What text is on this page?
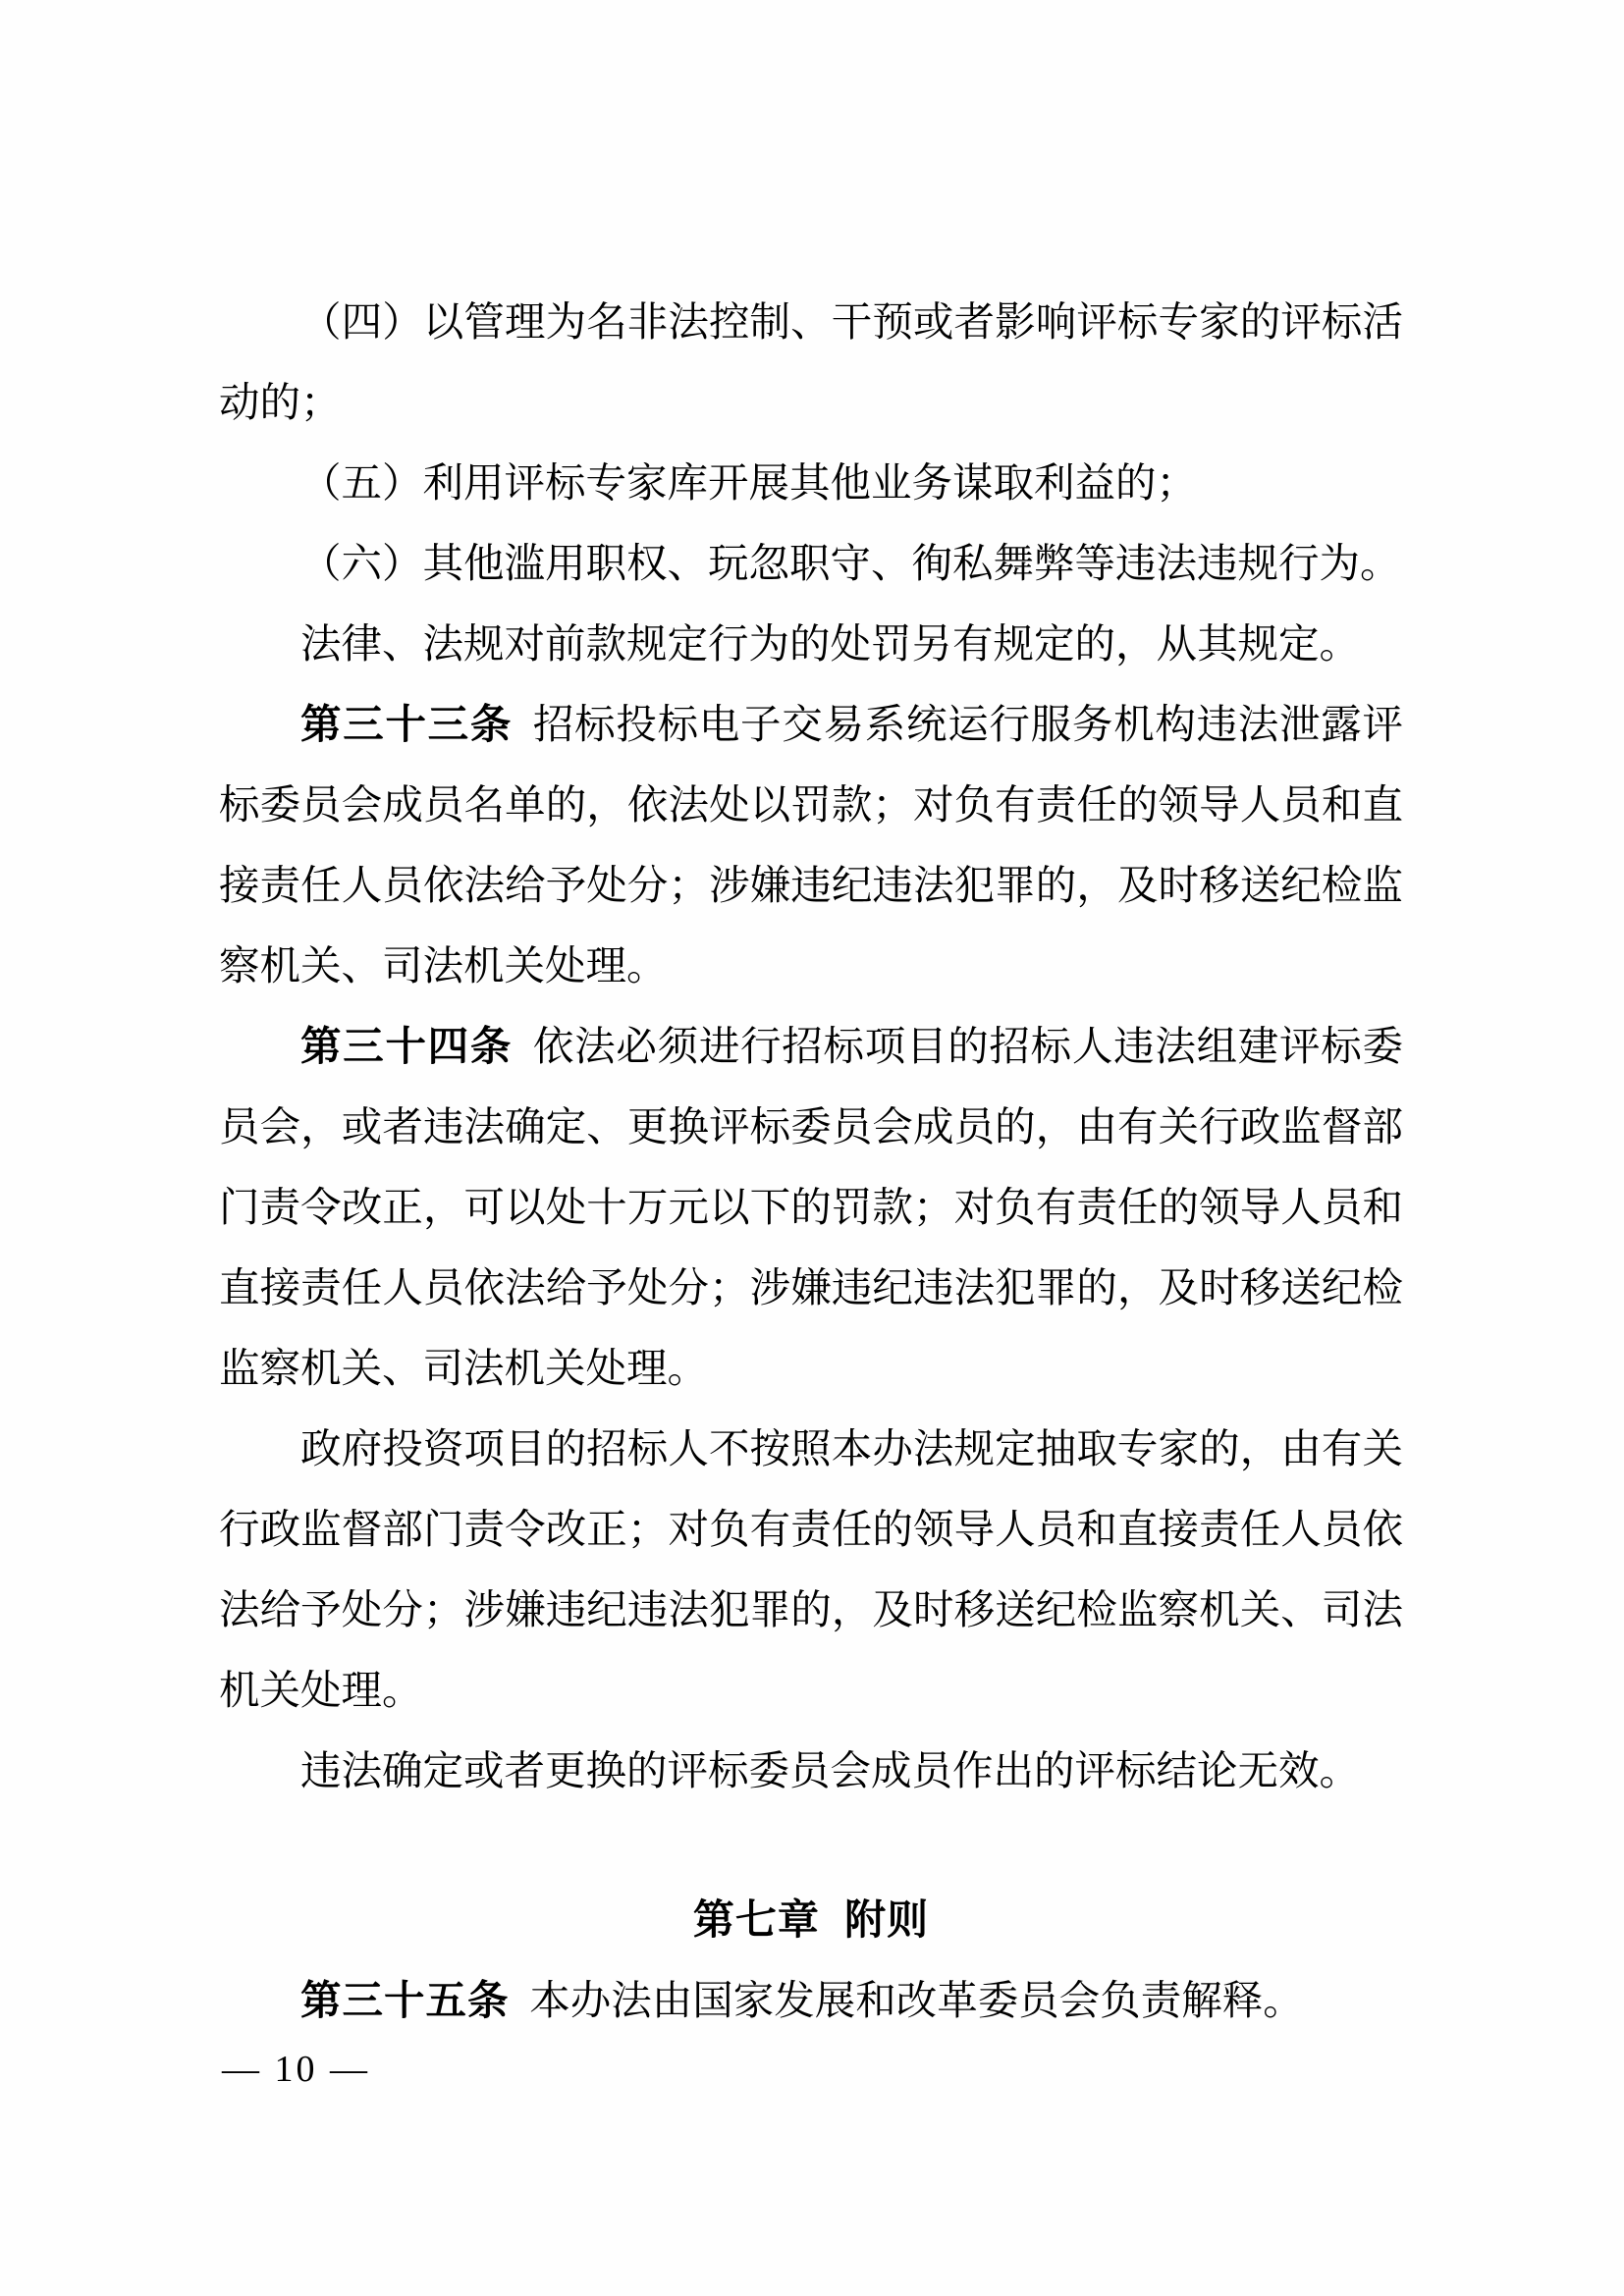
（四）以管理为名非法控制、干预或者影响评标专家的评标活动的；

（五）利用评标专家库开展其他业务谋取利益的；

（六）其他滥用职权、玩忽职守、徇私舞弊等违法违规行为。

法律、法规对前款规定行为的处罚另有规定的，从其规定。

第三十三条 招标投标电子交易系统运行服务机构违法泄露评标委员会成员名单的，依法处以罚款；对负有责任的领导人员和直接责任人员依法给予处分；涉嫌违纪违法犯罪的，及时移送纪检监察机关、司法机关处理。

第三十四条 依法必须进行招标项目的招标人违法组建评标委员会，或者违法确定、更换评标委员会成员的，由有关行政监督部门责令改正，可以处十万元以下的罚款；对负有责任的领导人员和直接责任人员依法给予处分；涉嫌违纪违法犯罪的，及时移送纪检监察机关、司法机关处理。

政府投资项目的招标人不按照本办法规定抽取专家的，由有关行政监督部门责令改正；对负有责任的领导人员和直接责任人员依法给予处分；涉嫌违纪违法犯罪的，及时移送纪检监察机关、司法机关处理。

违法确定或者更换的评标委员会成员作出的评标结论无效。

第七章 附则

第三十五条 本办法由国家发展和改革委员会负责解释。

— 10 —
